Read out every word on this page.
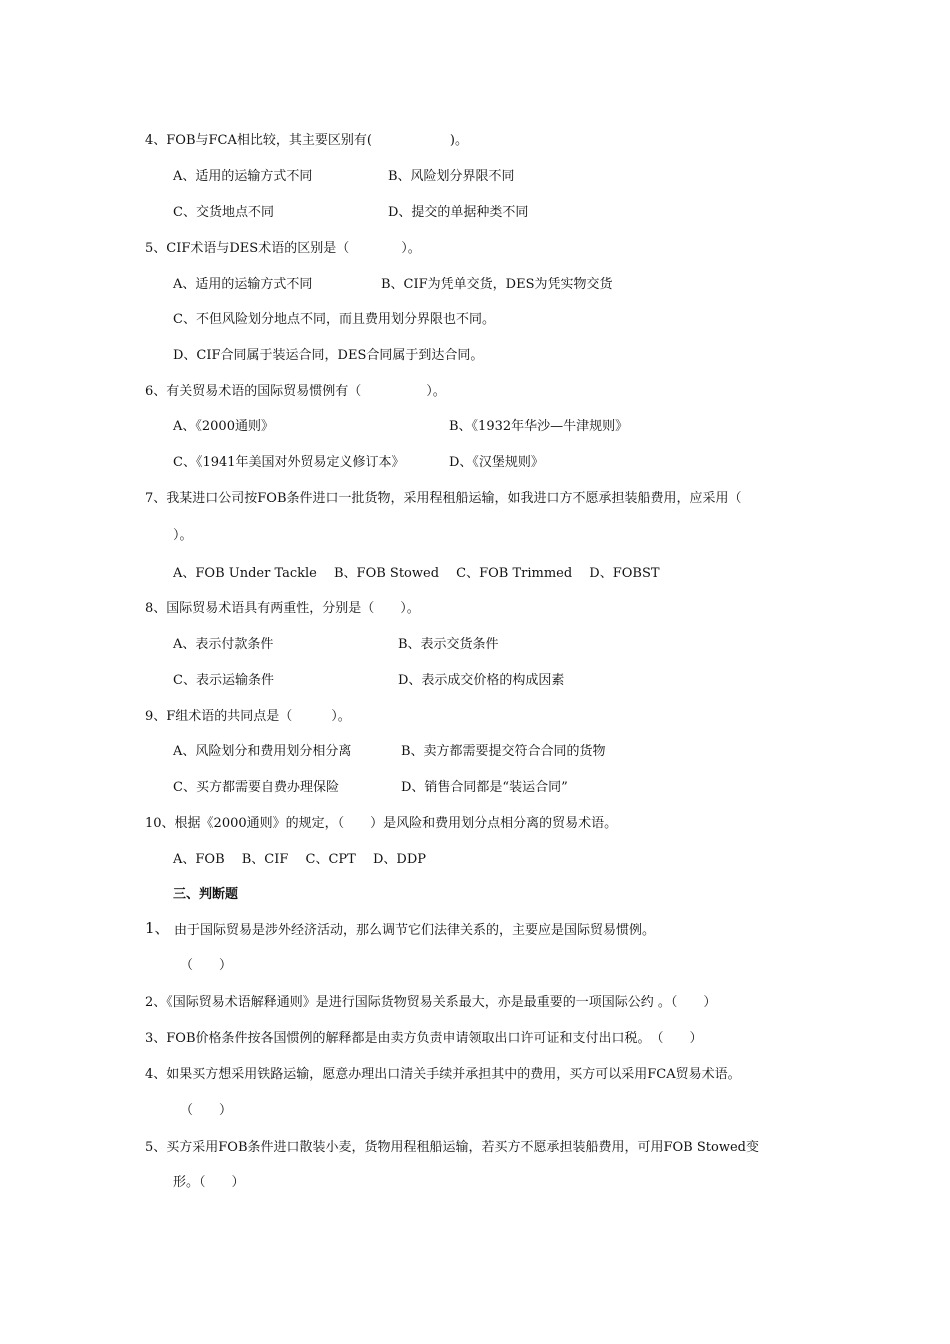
4、FOB与FCA相比较，其主要区别有(　　　　　　)。
A、适用的运输方式不同	B、风险划分界限不同
C、交货地点不同	D、提交的单据种类不同
5、CIF术语与DES术语的区别是（　　　　）。
A、适用的运输方式不同	B、CIF为凭单交货，DES为凭实物交货
C、不但风险划分地点不同，而且费用划分界限也不同。
D、CIF合同属于装运合同，DES合同属于到达合同。
6、有关贸易术语的国际贸易惯例有（　　　　　）。
A、《2000通则》	B、《1932年华沙—牛津规则》
C、《1941年美国对外贸易定义修订本》	D、《汉堡规则》
7、我某进口公司按FOB条件进口一批货物，采用程租船运输，如我进口方不愿承担装船费用，应采用（
）。
A、FOB Under Tackle　 B、FOB Stowed　 C、FOB Trimmed　 D、FOBST
8、国际贸易术语具有两重性，分别是（　　）。
A、表示付款条件	B、表示交货条件
C、表示运输条件	D、表示成交价格的构成因素
9、F组术语的共同点是（　　　）。
A、风险划分和费用划分相分离	B、卖方都需要提交符合合同的货物
C、买方都需要自费办理保险	D、销售合同都是“装运合同”
10、根据《2000通则》的规定，（　　）是风险和费用划分点相分离的贸易术语。
A、FOB　 B、CIF　 C、CPT　 D、DDP
三、判断题
1、 由于国际贸易是涉外经济活动，那么调节它们法律关系的，主要应是国际贸易惯例。
（　　）
2、《国际贸易术语解释通则》是进行国际货物贸易关系最大，亦是最重要的一项国际公约 。（　　）
3、FOB价格条件按各国惯例的解释都是由卖方负责申请领取出口许可证和支付出口税。　（　　）
4、如果买方想采用铁路运输，愿意办理出口清关手续并承担其中的费用，买方可以采用FCA贸易术语。
（　　）
5、买方采用FOB条件进口散装小麦，货物用程租船运输，若买方不愿承担装船费用，可用FOB Stowed变
形。（　　）
